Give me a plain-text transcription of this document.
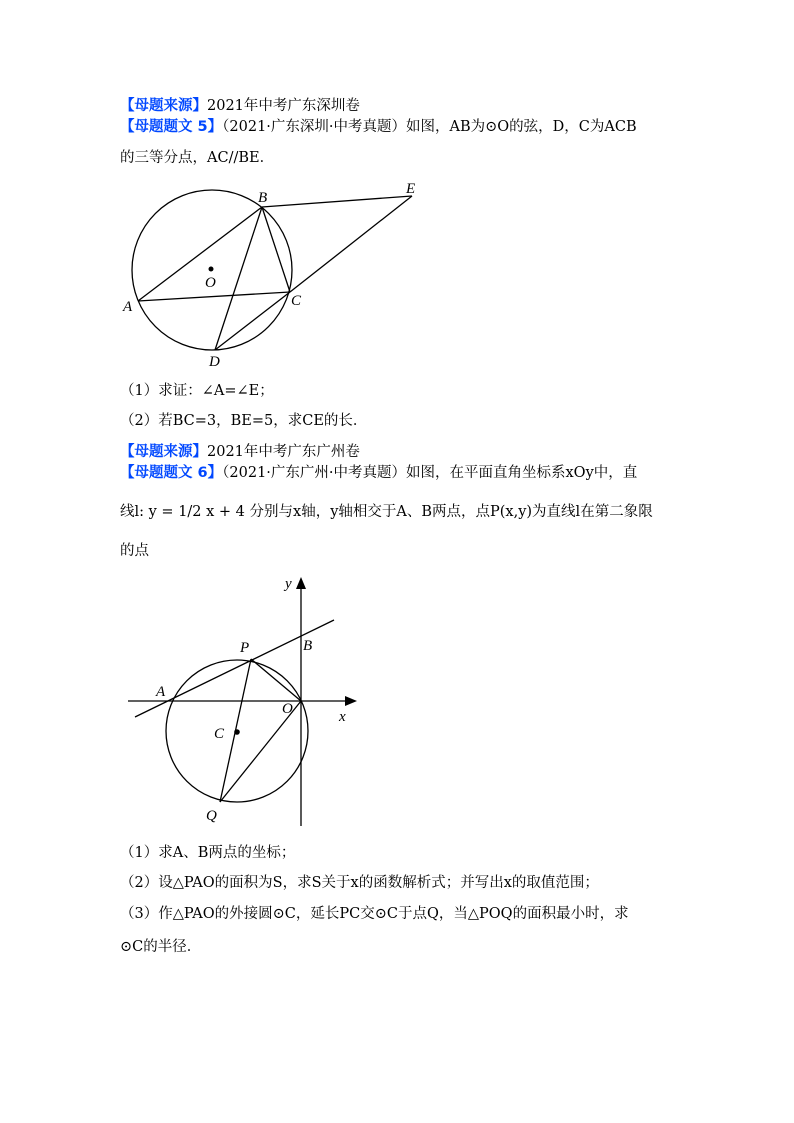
【母题来源】2021年中考广东深圳卷
【母题题文 5】（2021·广东深圳·中考真题）如图，AB为⊙O的弦，D，C为ACB
的三等分点，AC//BE．
O
A
B
C
D
E
（1）求证：∠A=∠E；
（2）若BC=3，BE=5，求CE的长．
【母题来源】2021年中考广东广州卷
【母题题文 6】（2021·广东广州·中考真题）如图，在平面直角坐标系xOy中，直
线l: y = 1/2 x + 4 分别与x轴，y轴相交于A、B两点，点P(x,y)为直线l在第二象限
的点
y
x
P	B
A
O
C
Q
（1）求A、B两点的坐标；
（2）设△PAO的面积为S，求S关于x的函数解析式；并写出x的取值范围；
（3）作△PAO的外接圆⊙C，延长PC交⊙C于点Q，当△POQ的面积最小时，求
⊙C的半径．
